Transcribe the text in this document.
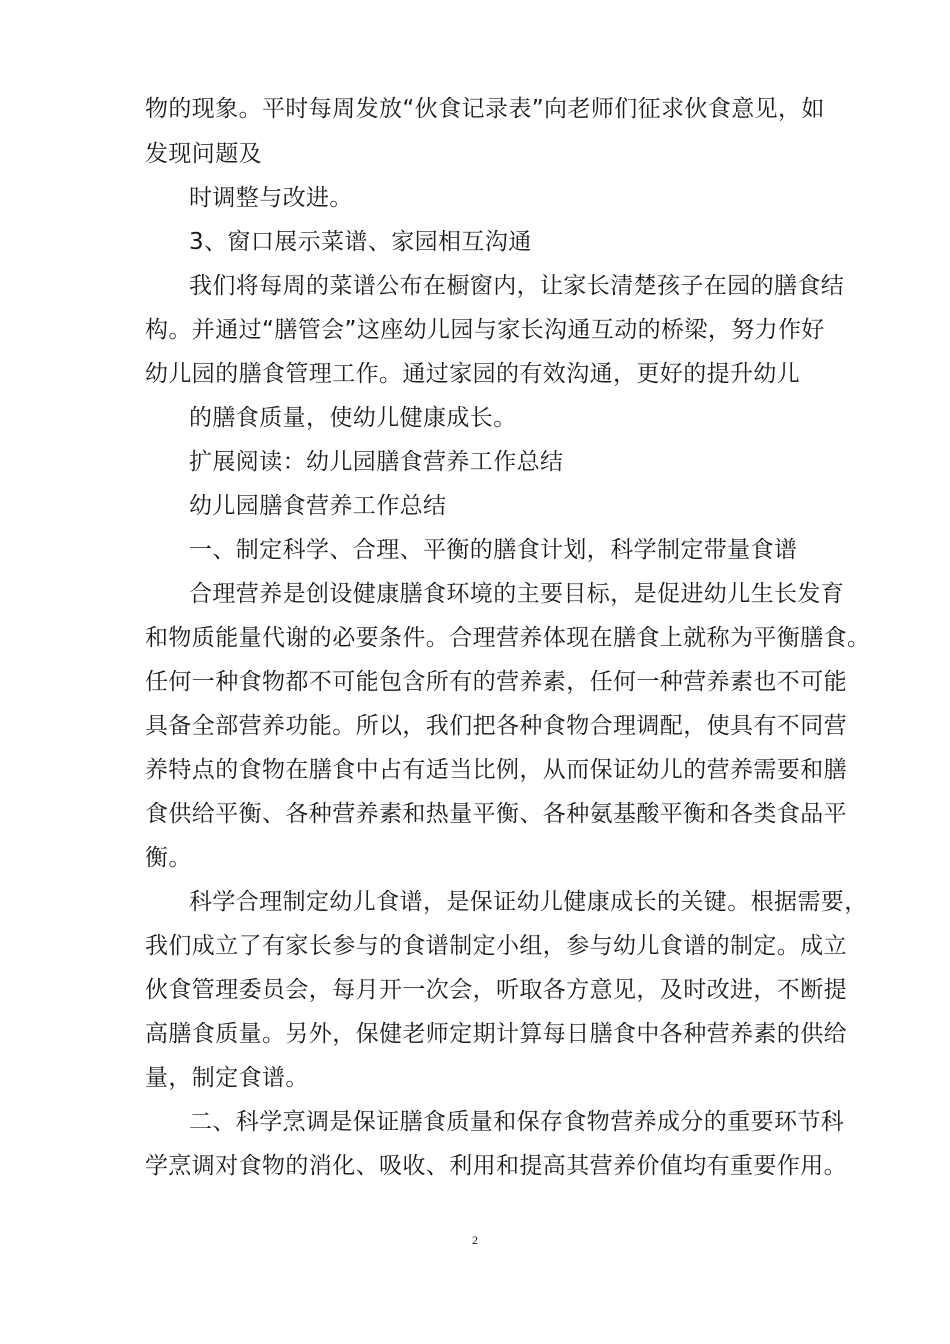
物的现象。平时每周发放“伙食记录表”向老师们征求伙食意见，如
发现问题及
时调整与改进。
3、窗口展示菜谱、家园相互沟通
我们将每周的菜谱公布在橱窗内，让家长清楚孩子在园的膳食结
构。并通过“膳管会”这座幼儿园与家长沟通互动的桥梁，努力作好
幼儿园的膳食管理工作。通过家园的有效沟通，更好的提升幼儿
的膳食质量，使幼儿健康成长。
扩展阅读：幼儿园膳食营养工作总结
幼儿园膳食营养工作总结
一、制定科学、合理、平衡的膳食计划，科学制定带量食谱
合理营养是创设健康膳食环境的主要目标，是促进幼儿生长发育
和物质能量代谢的必要条件。合理营养体现在膳食上就称为平衡膳食。
任何一种食物都不可能包含所有的营养素，任何一种营养素也不可能
具备全部营养功能。所以，我们把各种食物合理调配，使具有不同营
养特点的食物在膳食中占有适当比例，从而保证幼儿的营养需要和膳
食供给平衡、各种营养素和热量平衡、各种氨基酸平衡和各类食品平
衡。
科学合理制定幼儿食谱，是保证幼儿健康成长的关键。根据需要，
我们成立了有家长参与的食谱制定小组，参与幼儿食谱的制定。成立
伙食管理委员会，每月开一次会，听取各方意见，及时改进，不断提
高膳食质量。另外，保健老师定期计算每日膳食中各种营养素的供给
量，制定食谱。
二、科学烹调是保证膳食质量和保存食物营养成分的重要环节科
学烹调对食物的消化、吸收、利用和提高其营养价值均有重要作用。
2
